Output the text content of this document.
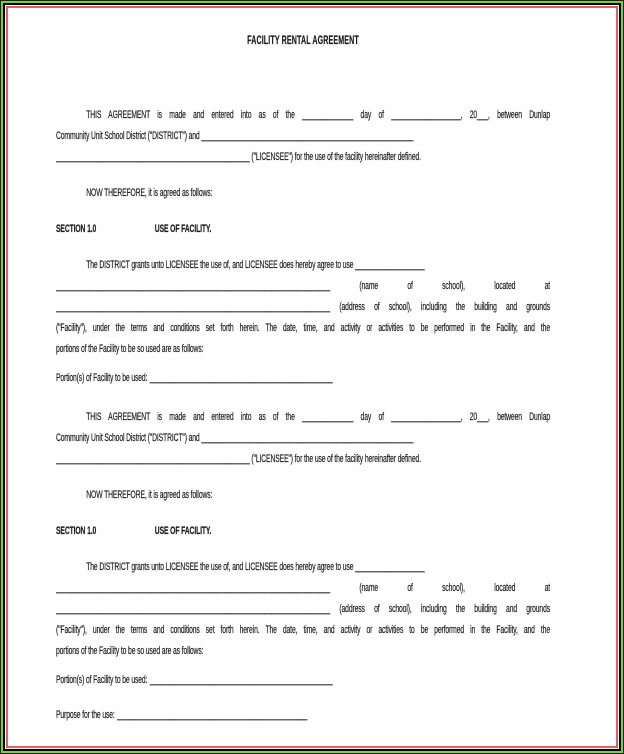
FACILITY RENTAL AGREEMENT
THIS AGREEMENT is made and entered into as of the ______________ day of ___________________, 20___, between Dunlap
Community Unit School District ("DISTRICT") and __________________________________________________________
_____________________________________________________ ("LICENSEE") for the use of the facility hereinafter defined.
NOW THEREFORE, it is agreed as follows:
SECTION 1.0	USE OF FACILITY.
The DISTRICT grants unto LICENSEE the use of, and LICENSEE does hereby agree to use ___________________
___________________________________________________________________________ (name of school), located at
___________________________________________________________________________ (address of school), including the building and grounds
("Facility"), under the terms and conditions set forth herein. The date, time, and activity or activities to be performed in the Facility, and the
portions of the Facility to be so used are as follows:
Portion(s) of Facility to be used: __________________________________________________
THIS AGREEMENT is made and entered into as of the ______________ day of ___________________, 20___, between Dunlap
Community Unit School District ("DISTRICT") and __________________________________________________________
_____________________________________________________ ("LICENSEE") for the use of the facility hereinafter defined.
NOW THEREFORE, it is agreed as follows:
SECTION 1.0	USE OF FACILITY.
The DISTRICT grants unto LICENSEE the use of, and LICENSEE does hereby agree to use ___________________
___________________________________________________________________________ (name of school), located at
___________________________________________________________________________ (address of school), including the building and grounds
("Facility"), under the terms and conditions set forth herein. The date, time, and activity or activities to be performed in the Facility, and the
portions of the Facility to be so used are as follows:
Portion(s) of Facility to be used: __________________________________________________
Purpose for the use: ____________________________________________________
